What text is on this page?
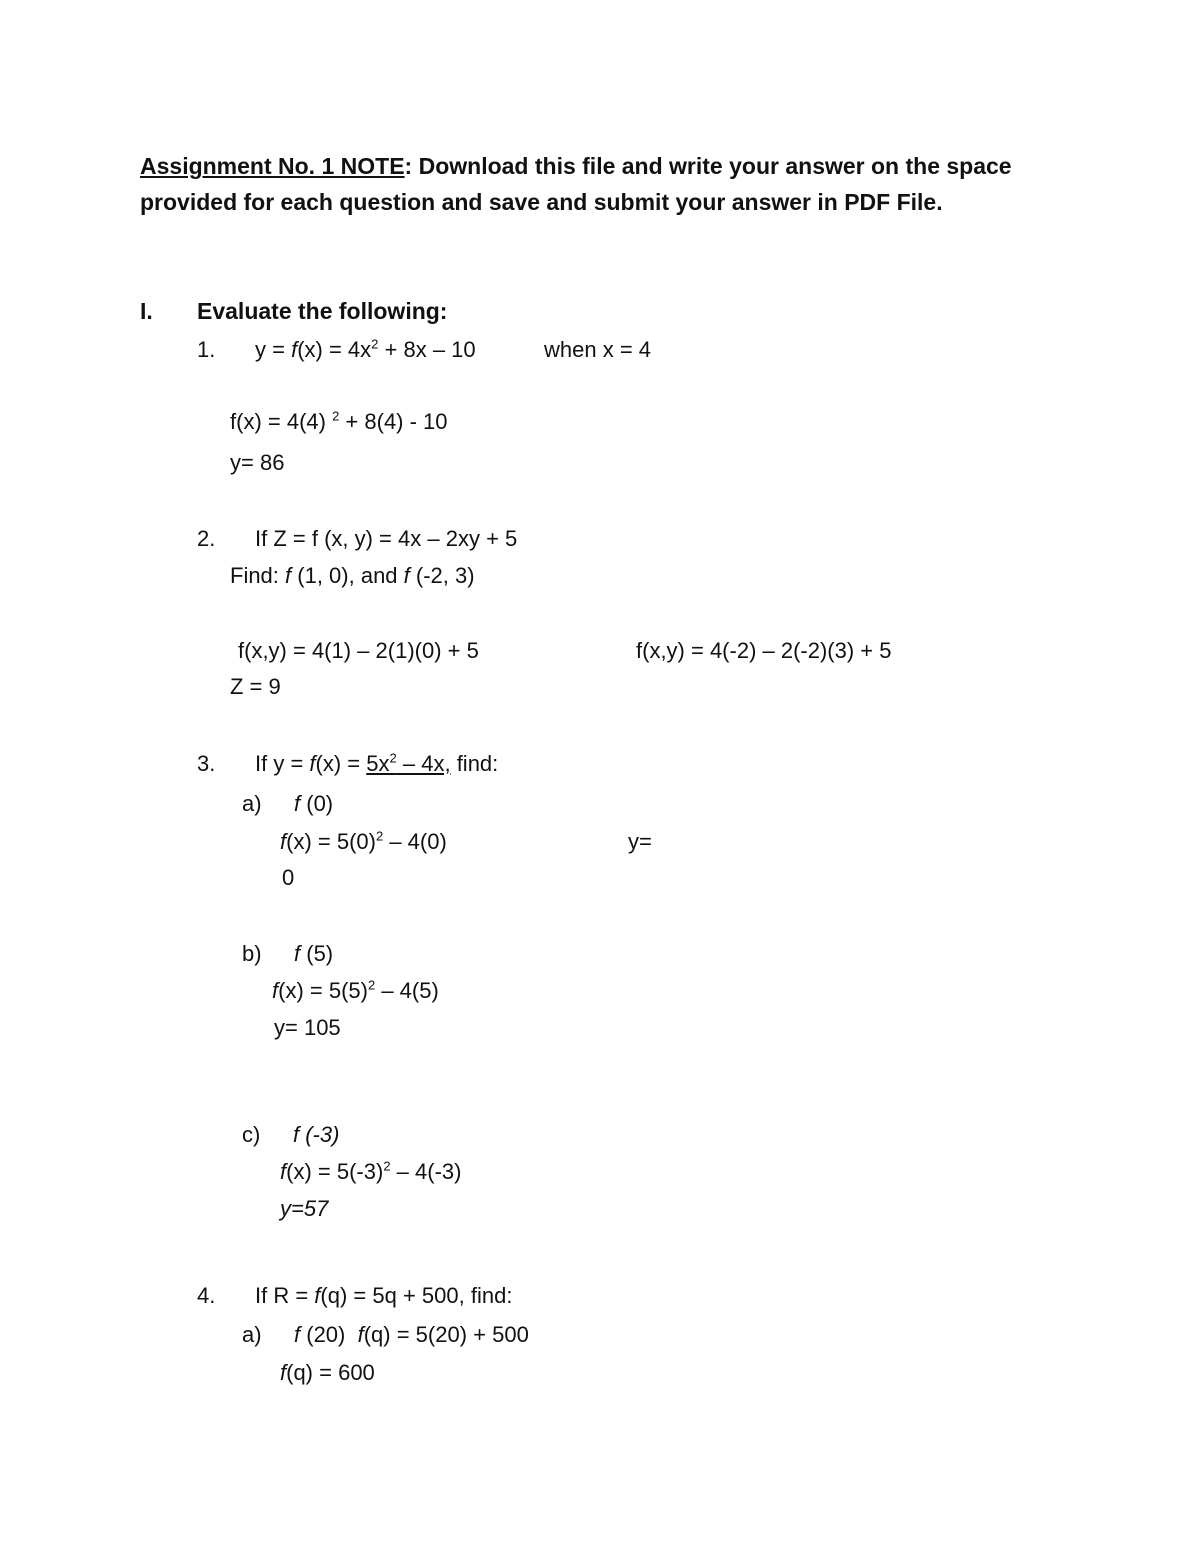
Assignment No. 1 NOTE: Download this file and write your answer on the space
provided for each question and save and submit your answer in PDF File.
I. Evaluate the following:
1. $y = f(x) = 4x^2 + 8x - 10$	when x = 4
f(x) = 4(4) $^2$ + 8(4) - 10
y= 86
2. If Z = f (x, y) = 4x – 2xy + 5
Find: f (1, 0), and f (-2, 3)
f(x,y) = 4(1) – 2(1)(0) + 5	f(x,y) = 4(-2) – 2(-2)(3) + 5
Z = 9
3. If $y = f(x) = 5x^2 - 4x$, find:
a) f (0)
$f(x) = 5(0)^2 - 4(0)$	y=
0
b) f (5)
$f(x) = 5(5)^2 - 4(5)$
y= 105
c) f (-3)
$f(x) = 5(-3)^2 - 4(-3)$
y=57
4. If R = f(q) = 5q + 500, find:
a) f (20)  f(q) = 5(20) + 500
f(q) = 600
